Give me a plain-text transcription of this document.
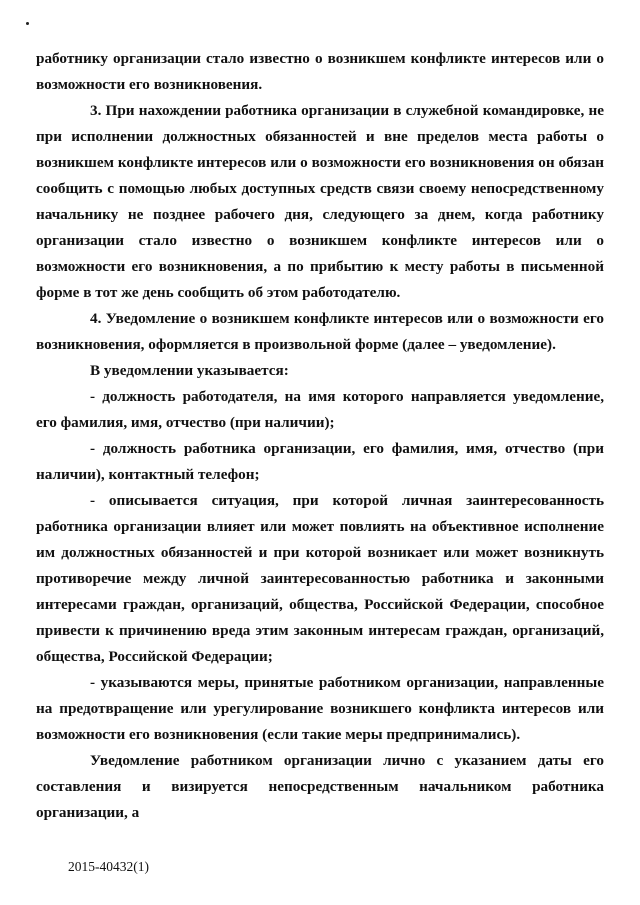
работнику организации стало известно о возникшем конфликте интересов или о возможности его возникновения.

3. При нахождении работника организации в служебной командировке, не при исполнении должностных обязанностей и вне пределов места работы о возникшем конфликте интересов или о возможности его возникновения он обязан сообщить с помощью любых доступных средств связи своему непосредственному начальнику не позднее рабочего дня, следующего за днем, когда работнику организации стало известно о возникшем конфликте интересов или о возможности его возникновения, а по прибытию к месту работы в письменной форме в тот же день сообщить об этом работодателю.

4. Уведомление о возникшем конфликте интересов или о возможности его возникновения, оформляется в произвольной форме (далее – уведомление).

В уведомлении указывается:

- должность работодателя, на имя которого направляется уведомление, его фамилия, имя, отчество (при наличии);

- должность работника организации, его фамилия, имя, отчество (при наличии), контактный телефон;

- описывается ситуация, при которой личная заинтересованность работника организации влияет или может повлиять на объективное исполнение им должностных обязанностей и при которой возникает или может возникнуть противоречие между личной заинтересованностью работника и законными интересами граждан, организаций, общества, Российской Федерации, способное привести к причинению вреда этим законным интересам граждан, организаций, общества, Российской Федерации;

- указываются меры, принятые работником организации, направленные на предотвращение или урегулирование возникшего конфликта интересов или возможности его возникновения (если такие меры предпринимались).

Уведомление работником организации лично с указанием даты его составления и визируется непосредственным начальником работника организации, а

2015-40432(1)
